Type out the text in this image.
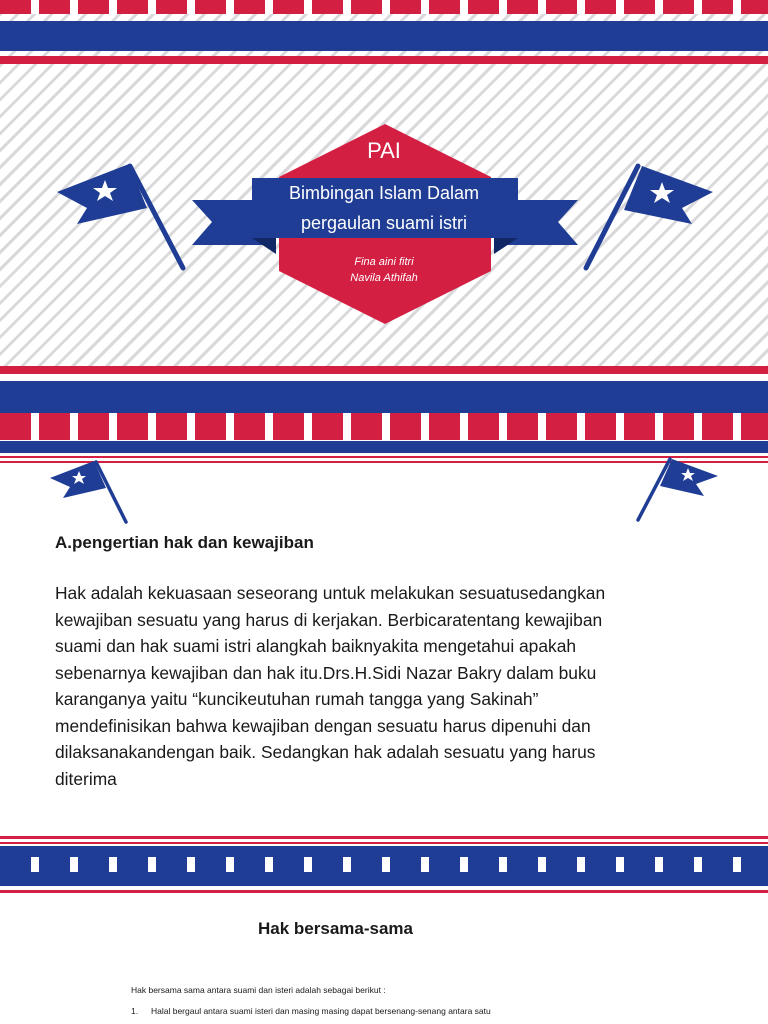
PAI
Bimbingan Islam Dalam
pergaulan suami istri
Fina aini fitri
Navila Athifah
A.pengertian hak dan kewajiban
Hak adalah kekuasaan seseorang untuk melakukan sesuatusedangkan
kewajiban sesuatu yang harus di kerjakan. Berbicaratentang kewajiban
suami dan hak suami istri alangkah baiknyakita mengetahui apakah
sebenarnya kewajiban dan hak itu.Drs.H.Sidi Nazar Bakry dalam buku
karanganya yaitu “kuncikeutuhan rumah tangga yang Sakinah”
mendefinisikan bahwa kewajiban dengan sesuatu harus dipenuhi dan
dilaksanakandengan baik. Sedangkan hak adalah sesuatu yang harus
diterima
Hak bersama-sama
Hak bersama sama antara suami dan isteri adalah sebagai berikut :
1. Halal bergaul antara suami isteri dan masing masing dapat bersenang-senang antara satu
